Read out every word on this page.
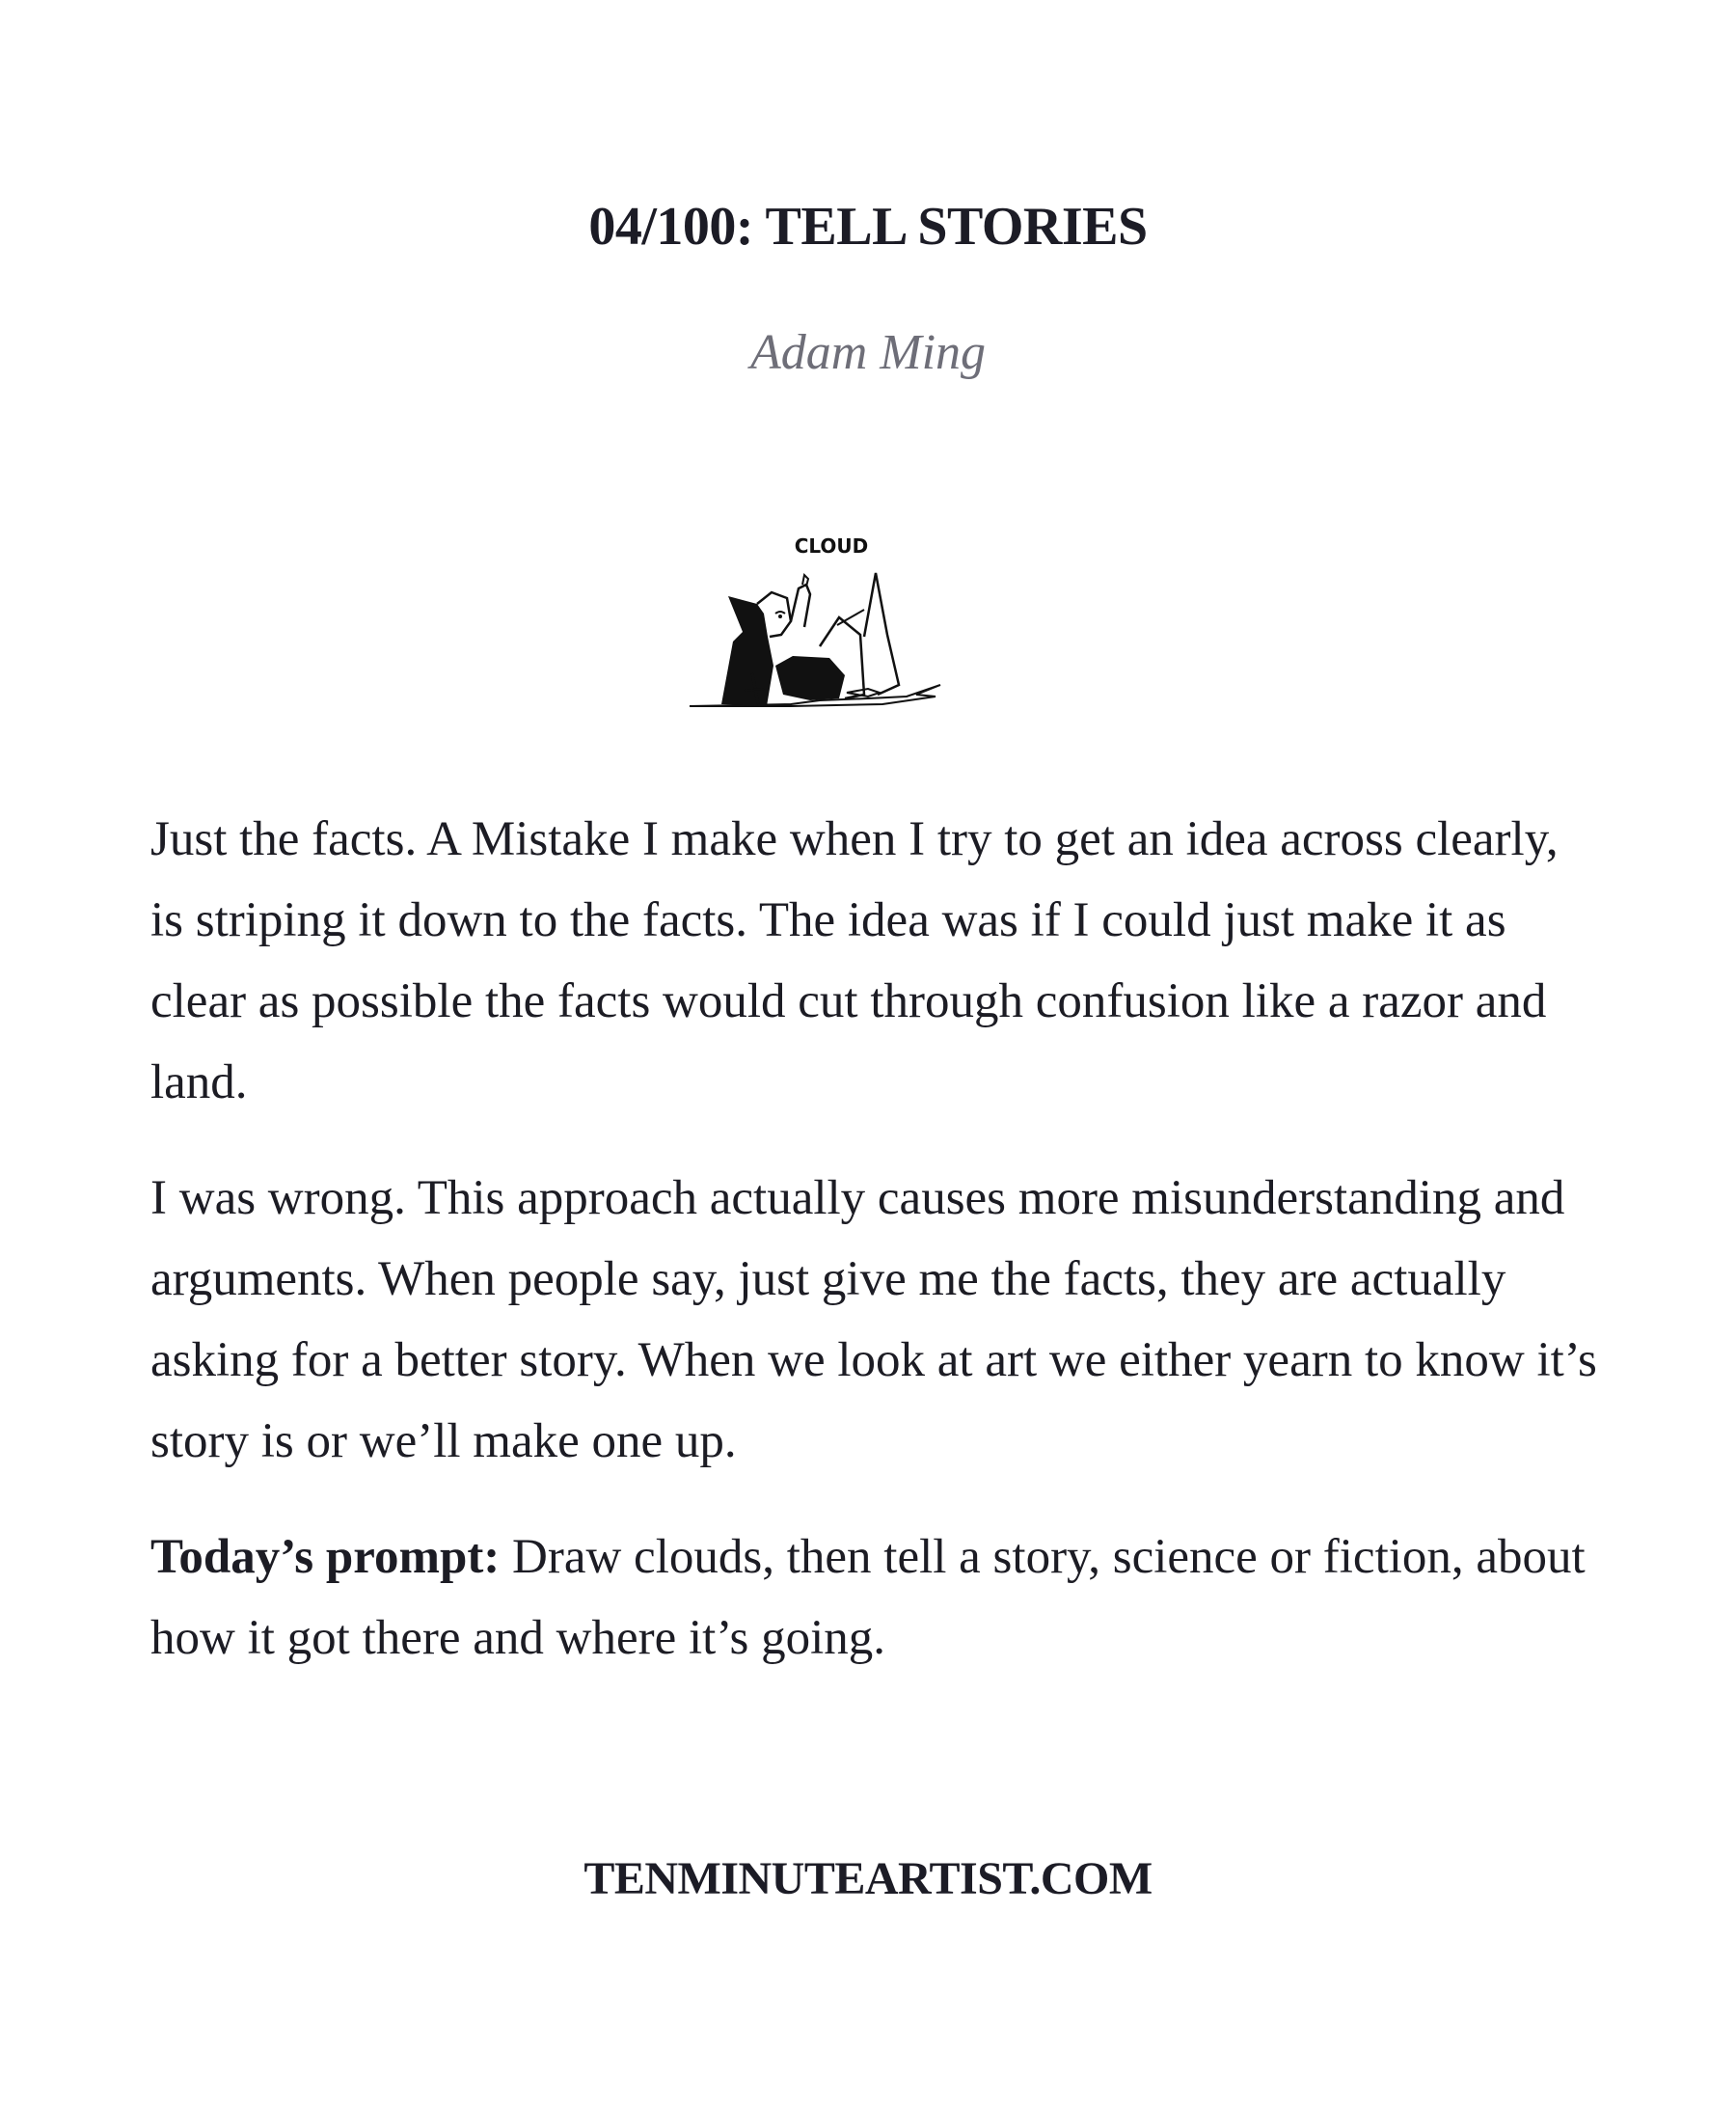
04/100: TELL STORIES
Adam Ming
CLOUD

Just the facts. A Mistake I make when I try to get an idea across clearly, is striping it down to the facts. The idea was if I could just make it as clear as possible the facts would cut through confusion like a razor and land.

I was wrong. This approach actually causes more misunderstanding and arguments. When people say, just give me the facts, they are actually asking for a better story. When we look at art we either yearn to know it’s story is or we’ll make one up.

Today’s prompt: Draw clouds, then tell a story, science or fiction, about how it got there and where it’s going.

TENMINUTEARTIST.COM
